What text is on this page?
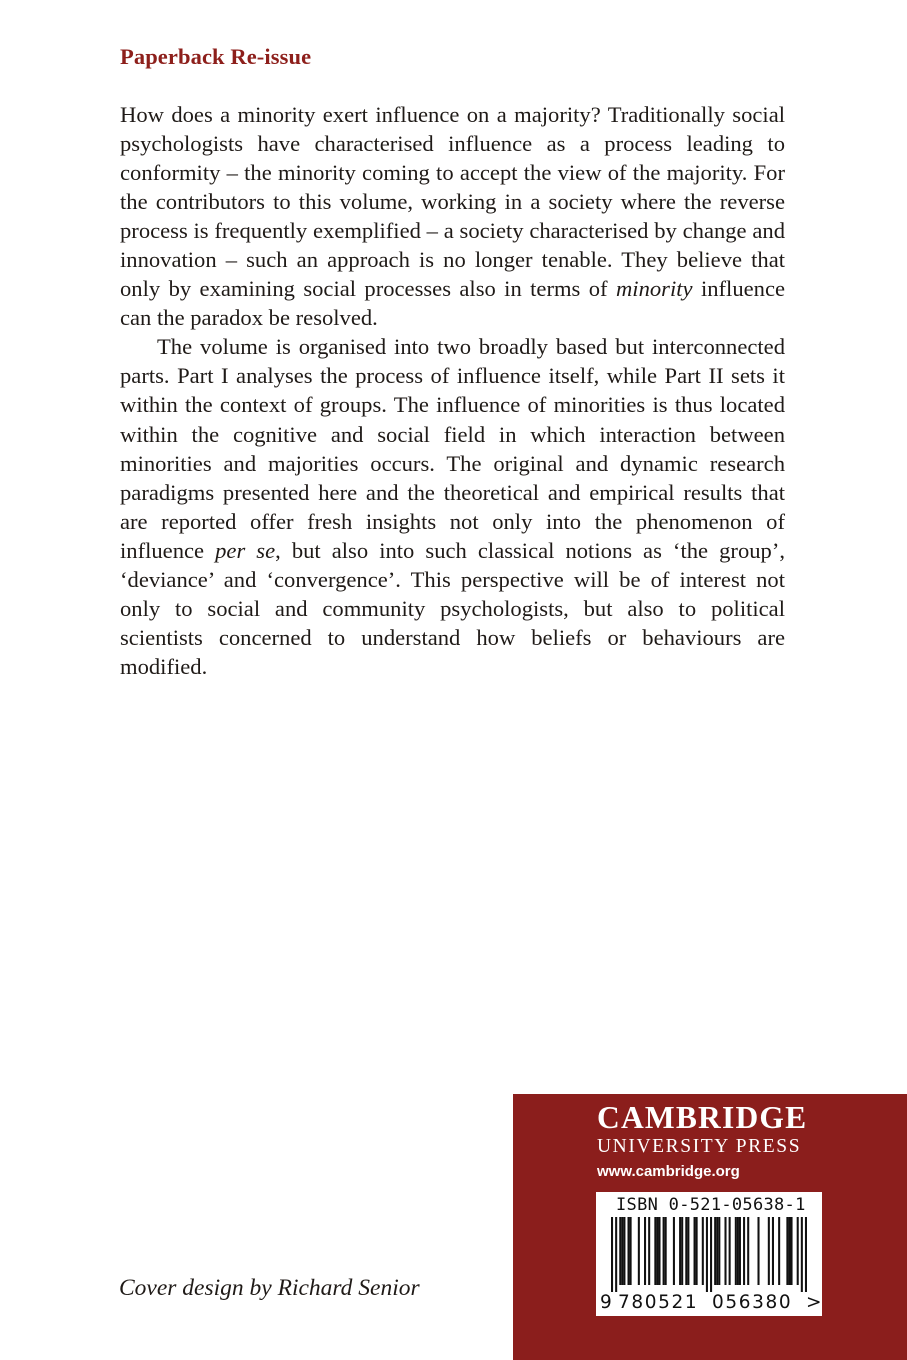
Paperback Re-issue

How does a minority exert influence on a majority? Traditionally social psychologists have characterised influence as a process leading to conformity – the minority coming to accept the view of the majority. For the contributors to this volume, working in a society where the reverse process is frequently exemplified – a society characterised by change and innovation – such an approach is no longer tenable. They believe that only by examining social processes also in terms of minority influence can the paradox be resolved.

The volume is organised into two broadly based but interconnected parts. Part I analyses the process of influence itself, while Part II sets it within the context of groups. The influence of minorities is thus located within the cognitive and social field in which interaction between minorities and majorities occurs. The original and dynamic research paradigms presented here and the theoretical and empirical results that are reported offer fresh insights not only into the phenomenon of influence per se, but also into such classical notions as ‘the group’, ‘deviance’ and ‘convergence’. This perspective will be of interest not only to social and community psychologists, but also to political scientists concerned to understand how beliefs or behaviours are modified.

Cover design by Richard Senior
CAMBRIDGE
UNIVERSITY PRESS
www.cambridge.org
ISBN 0-521-05638-1
9 780521 056380 >
